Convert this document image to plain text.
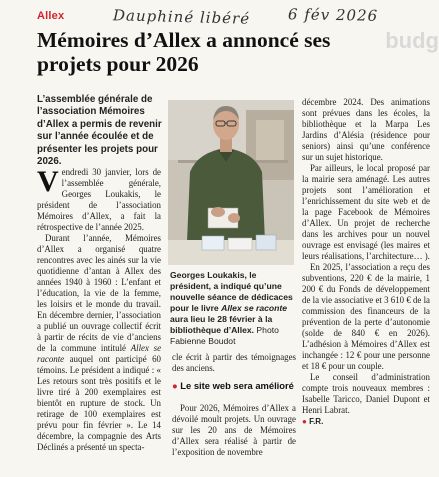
Allex	Dauphiné libéré	6 fév 2026
budg
Mémoires d’Allex a annoncé ses projets pour 2026

L’assemblée générale de l’association Mémoires d’Allex a permis de revenir sur l’année écoulée et de présenter les projets pour 2026.

Vendredi 30 janvier, lors de l’assemblée générale, Georges Loukakis, le président de l’association Mémoires d’Allex, a fait la rétrospective de l’année 2025.

Durant l’année, Mémoires d’Allex a organisé quatre rencontres avec les ainés sur la vie quotidienne d’antan à Allex des années 1940 à 1960 : L’enfant et l’éducation, la vie de la femme, les loisirs et le monde du travail. En décembre dernier, l’association a publié un ouvrage collectif écrit à partir de récits de vie d’anciens de la commune intitulé Allex se raconte auquel ont participé 60 témoins. Le président a indiqué : « Les retours sont très positifs et le livre tiré à 200 exemplaires est bientôt en rupture de stock. Un retirage de 100 exemplaires est prévu pour fin février ». Le 14 décembre, la compagnie des Arts Déclinés a présenté un specta-

Georges Loukakis, le président, a indiqué qu’une nouvelle séance de dédicaces pour le livre Allex se raconte aura lieu le 28 février à la bibliothèque d’Allex. Photo Fabienne Boudot

cle écrit à partir des témoignages des anciens.

● Le site web sera amélioré

Pour 2026, Mémoires d’Allex a dévoilé moult projets. Un ouvrage sur les 20 ans de Mémoires d’Allex sera réalisé à partir de l’exposition de novembre

décembre 2024. Des animations sont prévues dans les écoles, la bibliothèque et la Marpa Les Jardins d’Alésia (résidence pour seniors) ainsi qu’une conférence sur un sujet historique.

Par ailleurs, le local proposé par la mairie sera aménagé. Les autres projets sont l’amélioration et l’enrichissement du site web et de la page Facebook de Mémoires d’Allex. Un projet de recherche dans les archives pour un nouvel ouvrage est envisagé (les maires et leurs réalisations, l’architecture… ).

En 2025, l’association a reçu des subventions, 220 € de la mairie, 1 200 € du Fonds de développement de la vie associative et 3 610 € de la commission des financeurs de la prévention de la perte d’autonomie (solde de 840 € en 2026). L’adhésion à Mémoires d’Allex est inchangée : 12 € pour une personne et 18 € pour un couple.

Le conseil d’administration compte trois nouveaux membres : Isabelle Taricco, Daniel Dupont et Henri Labrat.

● F.R.
